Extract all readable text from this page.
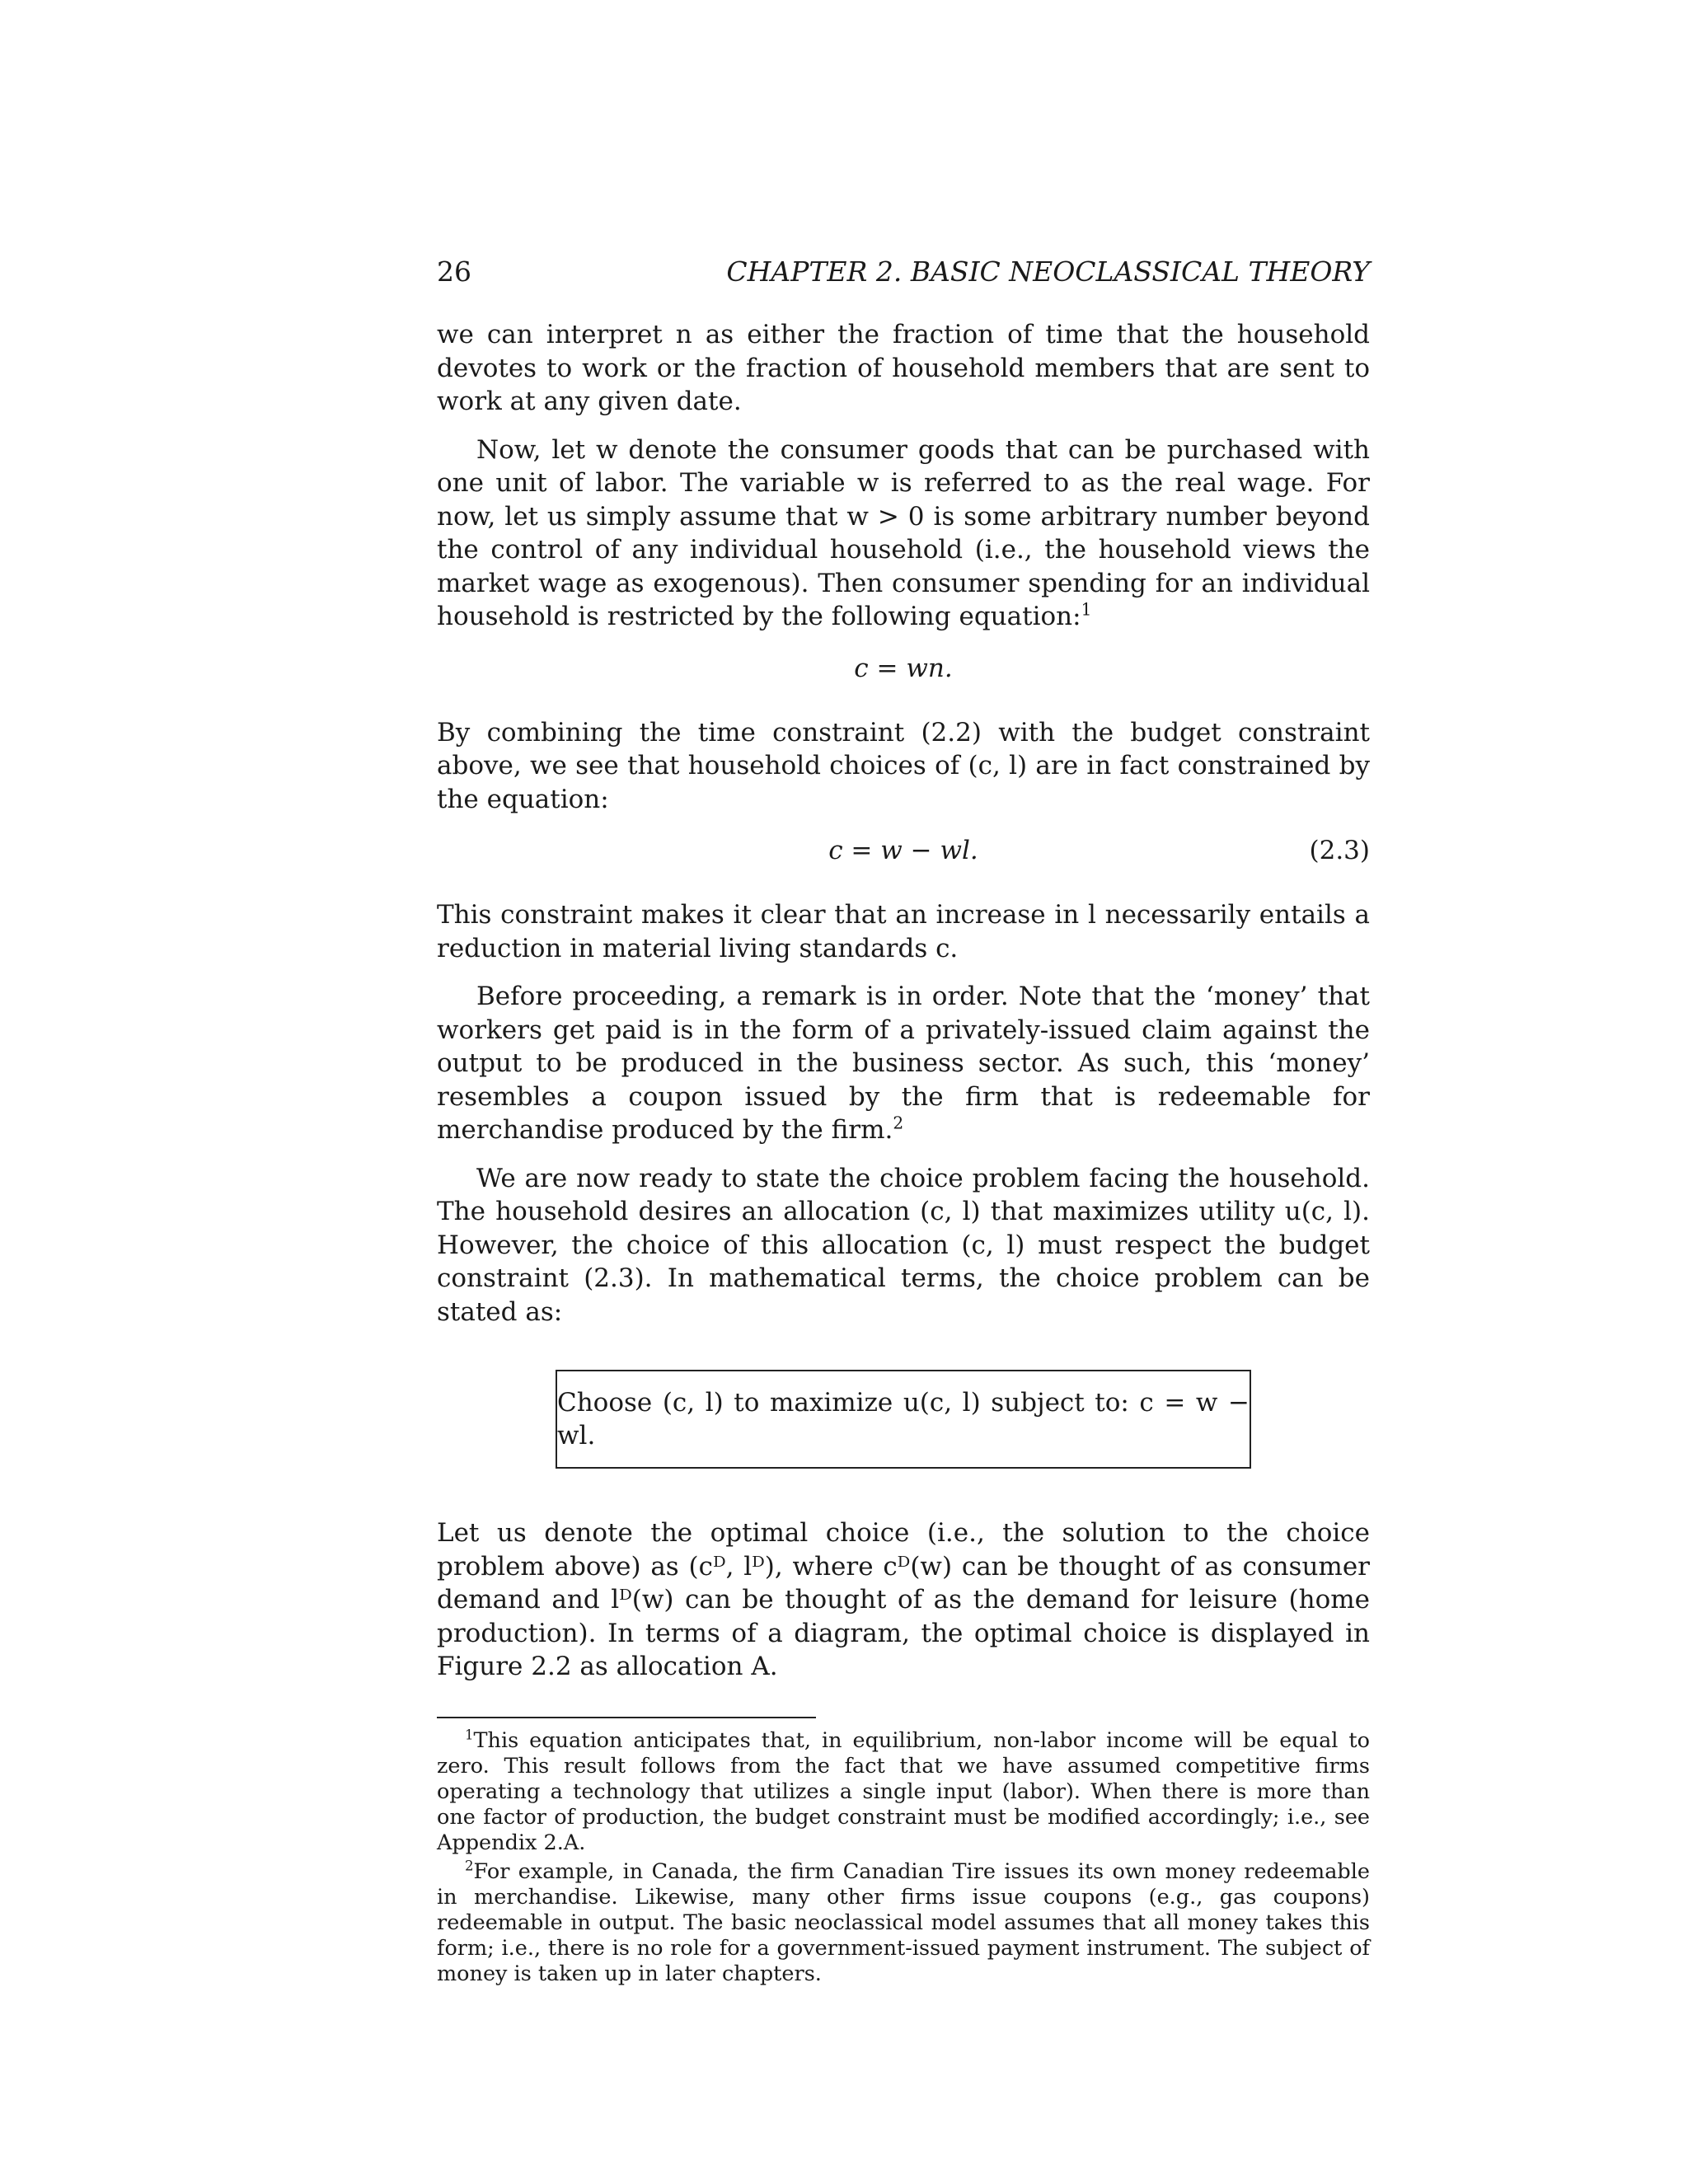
26	CHAPTER 2. BASIC NEOCLASSICAL THEORY

we can interpret n as either the fraction of time that the household devotes to work or the fraction of household members that are sent to work at any given date.

Now, let w denote the consumer goods that can be purchased with one unit of labor. The variable w is referred to as the real wage. For now, let us simply assume that w > 0 is some arbitrary number beyond the control of any individual household (i.e., the household views the market wage as exogenous). Then consumer spending for an individual household is restricted by the following equation:$^1$

c = wn.

By combining the time constraint (2.2) with the budget constraint above, we see that household choices of (c, l) are in fact constrained by the equation:

c = w − wl.	(2.3)

This constraint makes it clear that an increase in l necessarily entails a reduction in material living standards c.

Before proceeding, a remark is in order. Note that the ‘money’ that workers get paid is in the form of a privately-issued claim against the output to be produced in the business sector. As such, this ‘money’ resembles a coupon issued by the firm that is redeemable for merchandise produced by the firm.$^2$

We are now ready to state the choice problem facing the household. The household desires an allocation (c, l) that maximizes utility u(c, l). However, the choice of this allocation (c, l) must respect the budget constraint (2.3). In mathematical terms, the choice problem can be stated as:

Choose (c, l) to maximize u(c, l) subject to: c = w − wl.

Let us denote the optimal choice (i.e., the solution to the choice problem above) as (cᴰ, lᴰ), where cᴰ(w) can be thought of as consumer demand and lᴰ(w) can be thought of as the demand for leisure (home production). In terms of a diagram, the optimal choice is displayed in Figure 2.2 as allocation A.

$^1$This equation anticipates that, in equilibrium, non-labor income will be equal to zero. This result follows from the fact that we have assumed competitive firms operating a technology that utilizes a single input (labor). When there is more than one factor of production, the budget constraint must be modified accordingly; i.e., see Appendix 2.A.

$^2$For example, in Canada, the firm Canadian Tire issues its own money redeemable in merchandise. Likewise, many other firms issue coupons (e.g., gas coupons) redeemable in output. The basic neoclassical model assumes that all money takes this form; i.e., there is no role for a government-issued payment instrument. The subject of money is taken up in later chapters.
